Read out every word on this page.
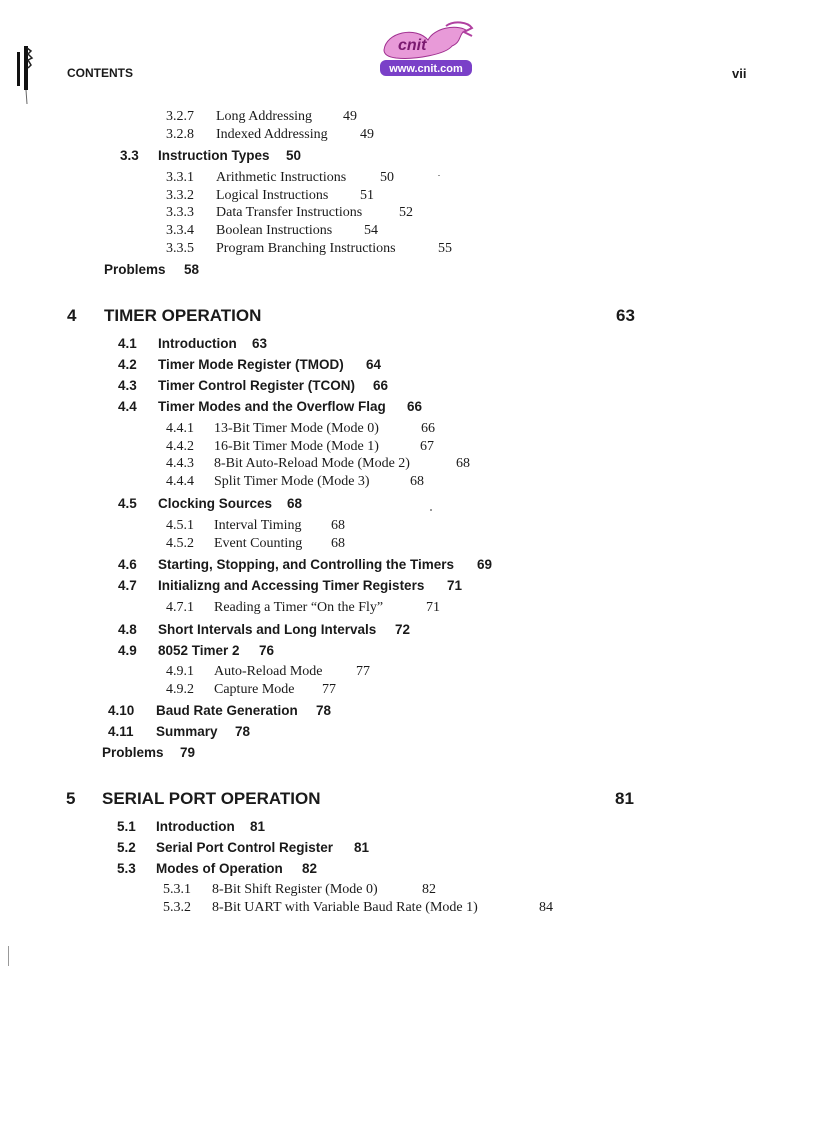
CONTENTS
cnit
www.cnit.com	vii
3.2.7 Long Addressing 49
3.2.8 Indexed Addressing 49
3.3 Instruction Types 50
3.3.1 Arithmetic Instructions 50
3.3.2 Logical Instructions 51
3.3.3 Data Transfer Instructions	52
3.3.4 Boolean Instructions 54
3.3.5 Program Branching Instructions	55
Problems 58
4 TIMER OPERATION	63
4.1 Introduction 63
4.2 Timer Mode Register (TMOD) 64
4.3 Timer Control Register (TCON) 66
4.4 Timer Modes and the Overflow Flag 66
4.4.1 13-Bit Timer Mode (Mode 0)	66
4.4.2 16-Bit Timer Mode (Mode 1)	67
4.4.3 8-Bit Auto-Reload Mode (Mode 2)	68
4.4.4 Split Timer Mode (Mode 3)	68
4.5 Clocking Sources 68
4.5.1 Interval Timing 68
4.5.2 Event Counting 68
4.6 Starting, Stopping, and Controlling the Timers 69
4.7 Initializng and Accessing Timer Registers 71
4.7.1 Reading a Timer “On the Fly”	71
4.8 Short Intervals and Long Intervals 72
4.9 8052 Timer 2 76
4.9.1 Auto-Reload Mode 77
4.9.2 Capture Mode 77
4.10 Baud Rate Generation 78
4.11 Summary 78
Problems 79
5 SERIAL PORT OPERATION	81
5.1 Introduction 81
5.2 Serial Port Control Register 81
5.3 Modes of Operation 82
5.3.1 8-Bit Shift Register (Mode 0)	82
5.3.2 8-Bit UART with Variable Baud Rate (Mode 1)	84
